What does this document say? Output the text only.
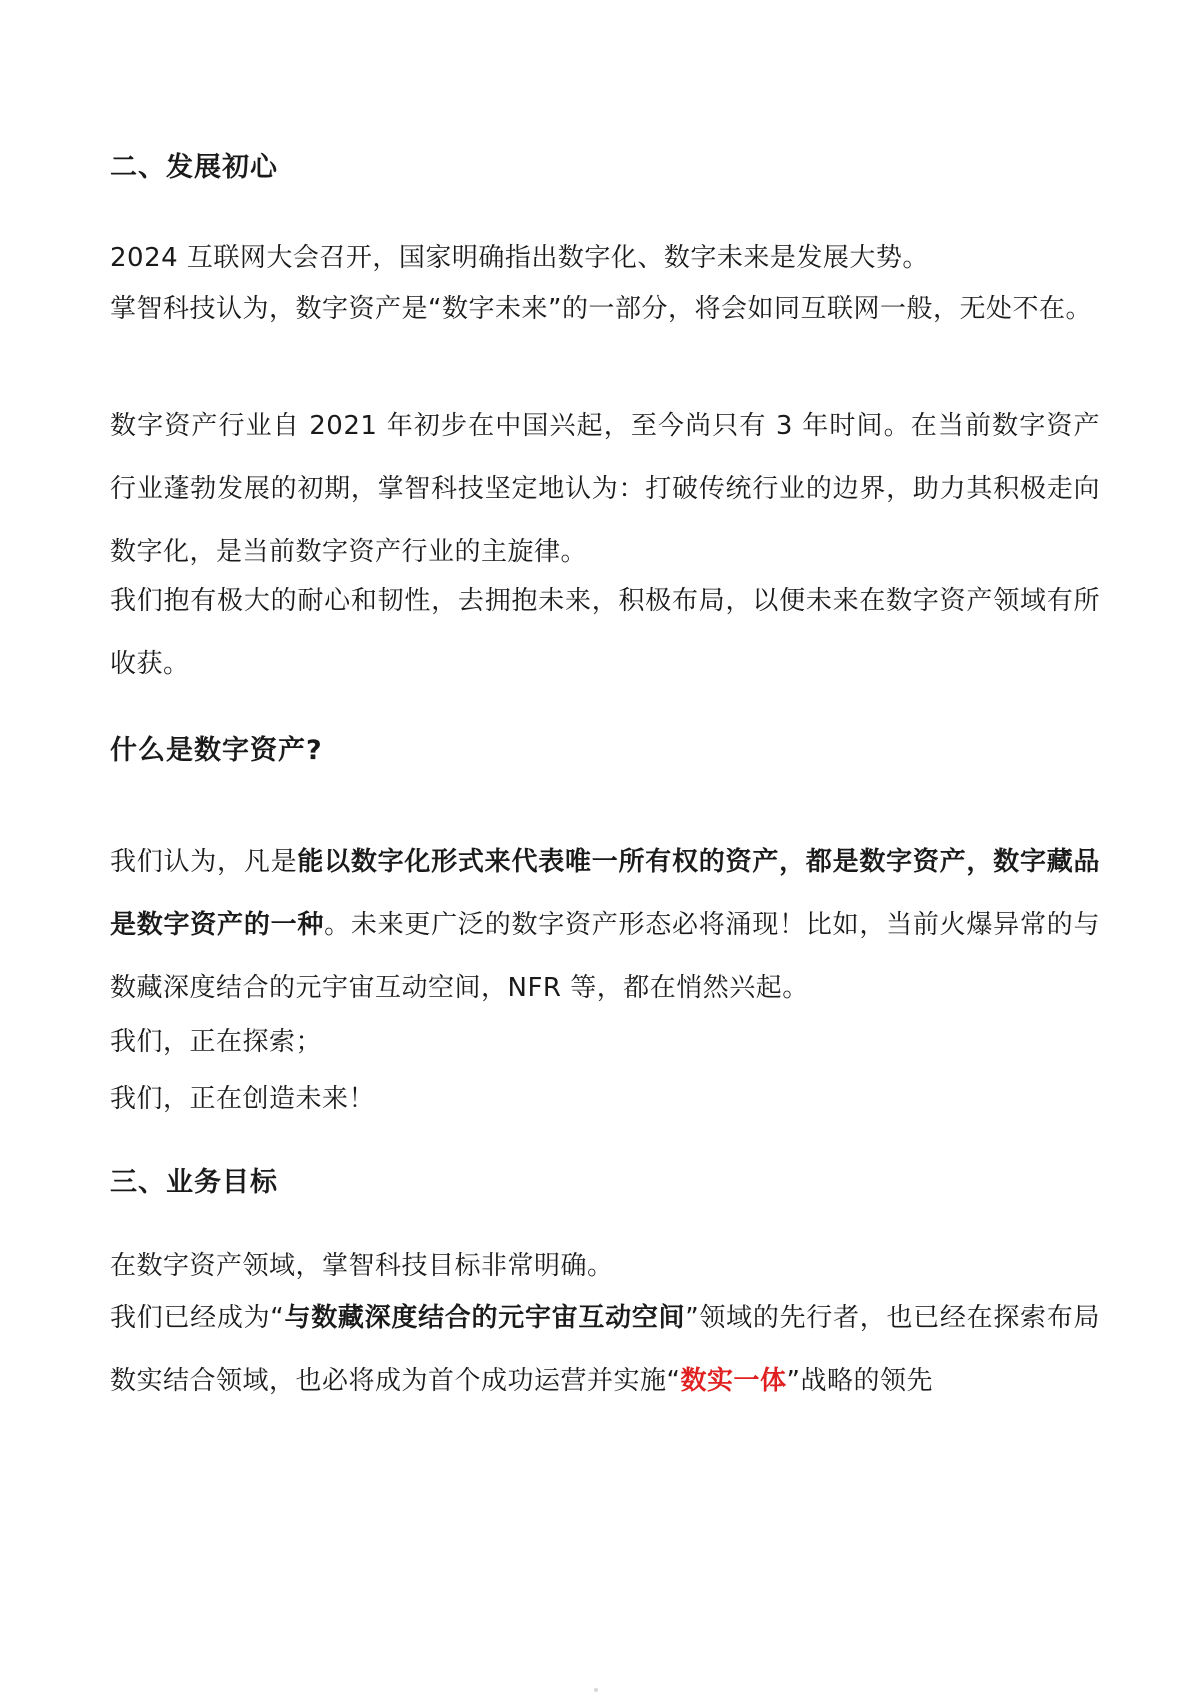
二、发展初心
2024 互联网大会召开，国家明确指出数字化、数字未来是发展大势。
掌智科技认为，数字资产是“数字未来”的一部分，将会如同互联网一般，无处不在。
数字资产行业自 2021 年初步在中国兴起，至今尚只有 3 年时间。在当前数字资产行业蓬勃发展的初期，掌智科技坚定地认为：打破传统行业的边界，助力其积极走向数字化，是当前数字资产行业的主旋律。
我们抱有极大的耐心和韧性，去拥抱未来，积极布局，以便未来在数字资产领域有所收获。
什么是数字资产?
我们认为，凡是能以数字化形式来代表唯一所有权的资产，都是数字资产，数字藏品是数字资产的一种。未来更广泛的数字资产形态必将涌现！比如，当前火爆异常的与数藏深度结合的元宇宙互动空间，NFR 等，都在悄然兴起。
我们，正在探索；
我们，正在创造未来！
三、业务目标
在数字资产领域，掌智科技目标非常明确。
我们已经成为“与数藏深度结合的元宇宙互动空间”领域的先行者，也已经在探索布局数实结合领域，也必将成为首个成功运营并实施“数实一体”战略的领先
